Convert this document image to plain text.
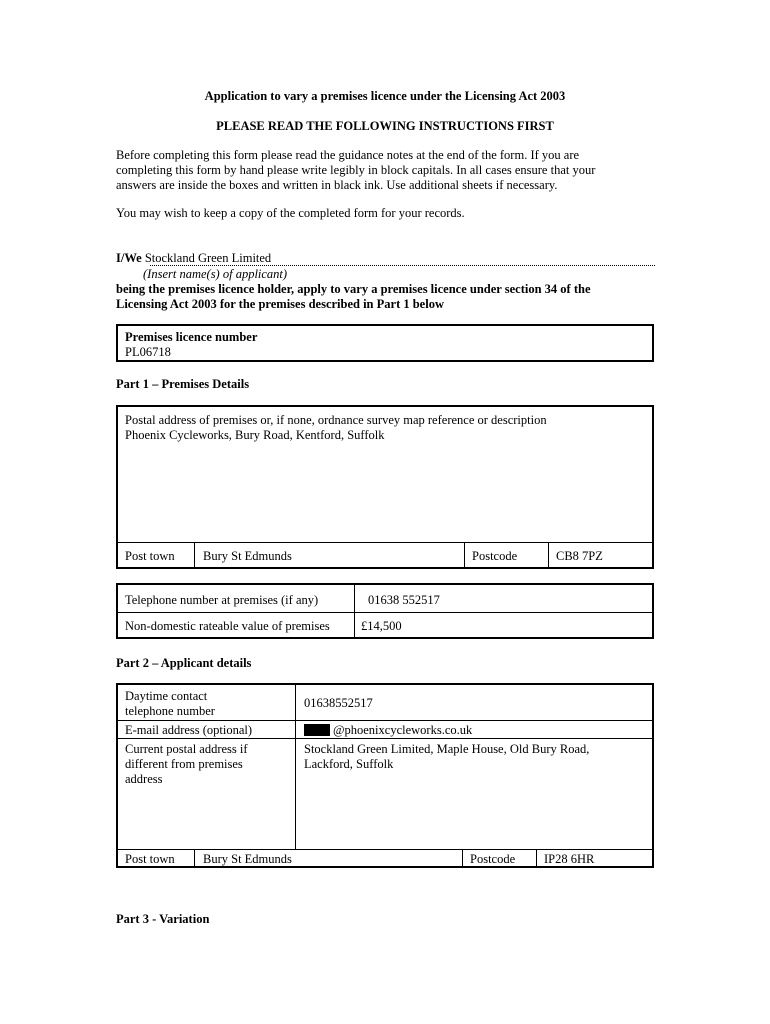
Application to vary a premises licence under the Licensing Act 2003
PLEASE READ THE FOLLOWING INSTRUCTIONS FIRST
Before completing this form please read the guidance notes at the end of the form. If you are
completing this form by hand please write legibly in block capitals. In all cases ensure that your
answers are inside the boxes and written in black ink. Use additional sheets if necessary.
You may wish to keep a copy of the completed form for your records.
I/We Stockland Green Limited
(Insert name(s) of applicant)
being the premises licence holder, apply to vary a premises licence under section 34 of the
Licensing Act 2003 for the premises described in Part 1 below
Premises licence number
PL06718
Part 1 – Premises Details
Postal address of premises or, if none, ordnance survey map reference or description
Phoenix Cycleworks, Bury Road, Kentford, Suffolk
Post town Bury St Edmunds	Postcode	CB8 7PZ
Telephone number at premises (if any)	01638 552517
Non-domestic rateable value of premises £14,500
Part 2 – Applicant details
Daytime contact
telephone number
01638552517
E-mail address (optional)	@phoenixcycleworks.co.uk
Current postal address if
different from premises
address
Stockland Green Limited, Maple House, Old Bury Road,
Lackford, Suffolk
Post town Bury St Edmunds	Postcode IP28 6HR
Part 3 - Variation
